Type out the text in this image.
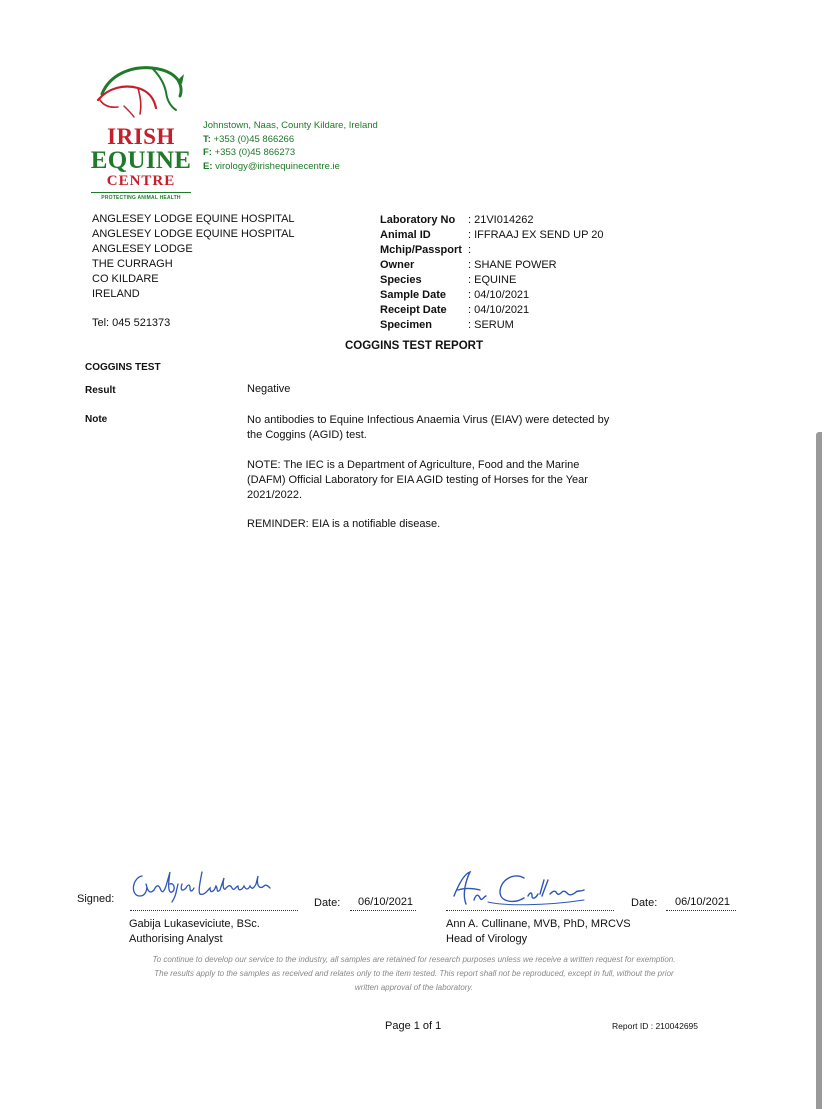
IRISH
EQUINE
CENTRE
PROTECTING ANIMAL HEALTH
Johnstown, Naas, County Kildare, Ireland
T: +353 (0)45 866266
F: +353 (0)45 866273
E: virology@irishequinecentre.ie
ANGLESEY LODGE EQUINE HOSPITAL
ANGLESEY LODGE EQUINE HOSPITAL
ANGLESEY LODGE
THE CURRAGH
CO KILDARE
IRELAND
Tel: 045 521373
Laboratory No	: 21VI014262
Animal ID	: IFFRAAJ EX SEND UP 20
Mchip/Passport :
Owner	: SHANE POWER
Species	: EQUINE
Sample Date	: 04/10/2021
Receipt Date	: 04/10/2021
Specimen	: SERUM
COGGINS TEST REPORT
COGGINS TEST
Result	Negative
Note	No antibodies to Equine Infectious Anaemia Virus (EIAV) were detected by the Coggins (AGID) test.
NOTE: The IEC is a Department of Agriculture, Food and the Marine (DAFM) Official Laboratory for EIA AGID testing of Horses for the Year 2021/2022.
REMINDER: EIA is a notifiable disease.
Signed:	Date: 06/10/2021
Gabija Lukaseviciute, BSc.
Authorising Analyst
Date: 06/10/2021
Ann A. Cullinane, MVB, PhD, MRCVS
Head of Virology
To continue to develop our service to the industry, all samples are retained for research purposes unless we receive a written request for exemption.
The results apply to the samples as received and relates only to the item tested. This report shall not be reproduced, except in full, without the prior
written approval of the laboratory.
Page 1 of 1	Report ID : 210042695
